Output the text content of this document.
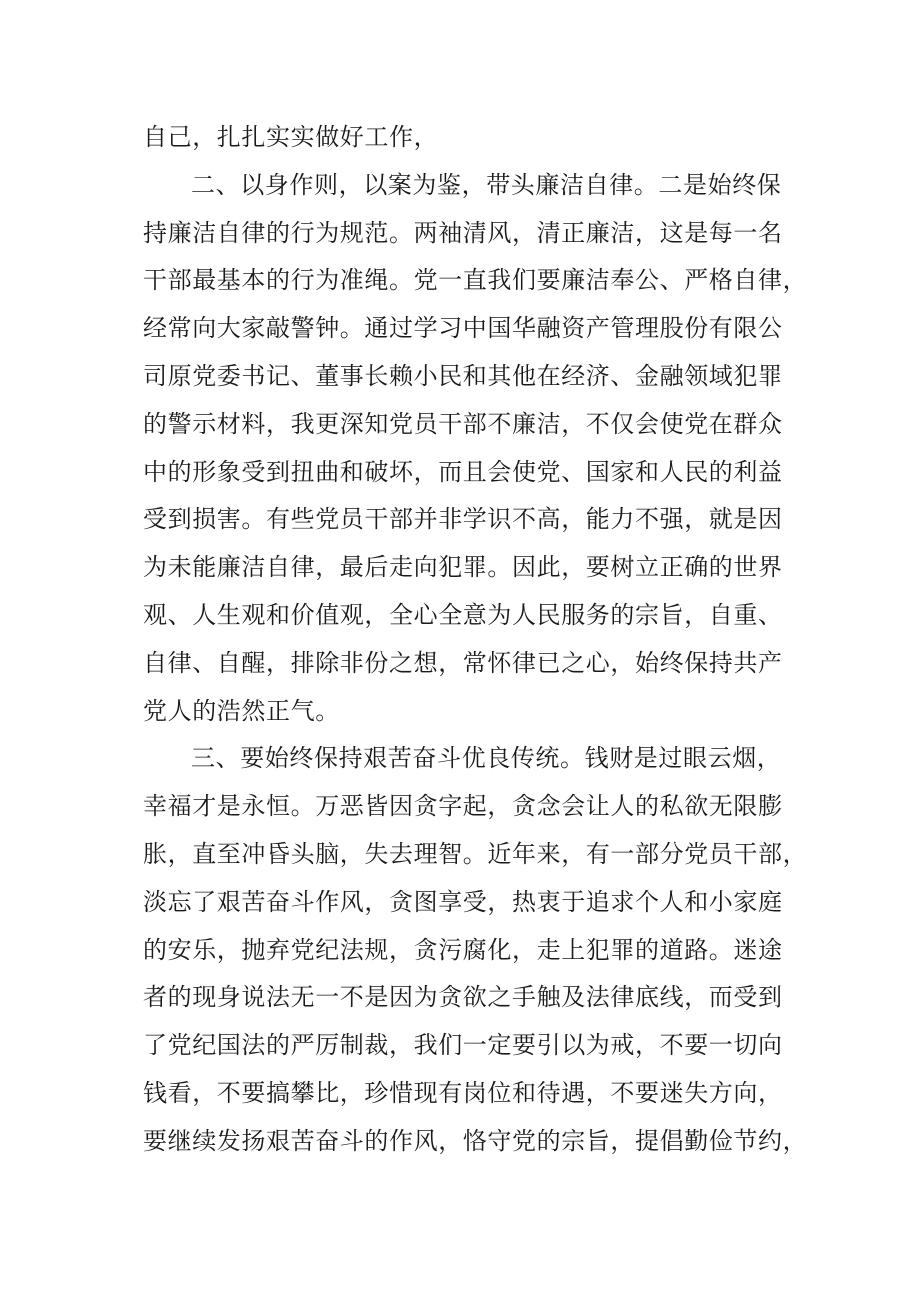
自己，扎扎实实做好工作，
二、以身作则，以案为鉴，带头廉洁自律。二是始终保
持廉洁自律的行为规范。两袖清风，清正廉洁，这是每一名
干部最基本的行为准绳。党一直我们要廉洁奉公、严格自律，
经常向大家敲警钟。通过学习中国华融资产管理股份有限公
司原党委书记、董事长赖小民和其他在经济、金融领域犯罪
的警示材料，我更深知党员干部不廉洁，不仅会使党在群众
中的形象受到扭曲和破坏，而且会使党、国家和人民的利益
受到损害。有些党员干部并非学识不高，能力不强，就是因
为未能廉洁自律，最后走向犯罪。因此，要树立正确的世界
观、人生观和价值观，全心全意为人民服务的宗旨，自重、
自律、自醒，排除非份之想，常怀律已之心，始终保持共产
党人的浩然正气。
三、要始终保持艰苦奋斗优良传统。钱财是过眼云烟，
幸福才是永恒。万恶皆因贪字起，贪念会让人的私欲无限膨
胀，直至冲昏头脑，失去理智。近年来，有一部分党员干部，
淡忘了艰苦奋斗作风，贪图享受，热衷于追求个人和小家庭
的安乐，抛弃党纪法规，贪污腐化，走上犯罪的道路。迷途
者的现身说法无一不是因为贪欲之手触及法律底线，而受到
了党纪国法的严厉制裁，我们一定要引以为戒，不要一切向
钱看，不要搞攀比，珍惜现有岗位和待遇，不要迷失方向，
要继续发扬艰苦奋斗的作风，恪守党的宗旨，提倡勤俭节约，
